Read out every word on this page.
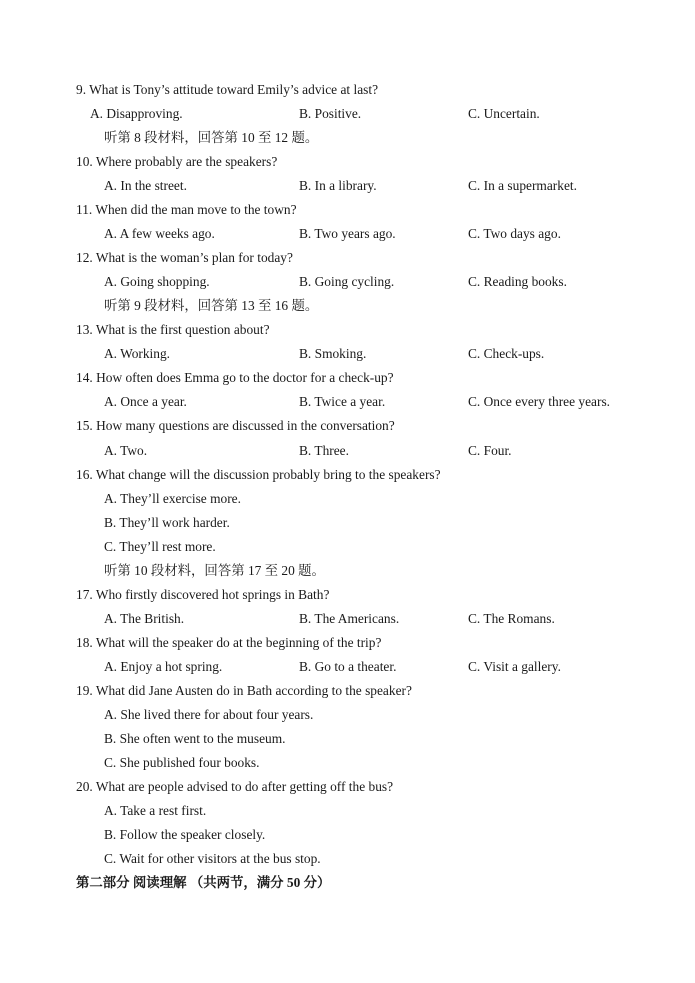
9. What is Tony’s attitude toward Emily’s advice at last?
A. Disapproving.	B. Positive.	C. Uncertain.
听第 8 段材料，回答第 10 至 12 题。
10. Where probably are the speakers?
A. In the street.	B. In a library.	C. In a supermarket.
11. When did the man move to the town?
A. A few weeks ago.	B. Two years ago.	C. Two days ago.
12. What is the woman’s plan for today?
A. Going shopping.	B. Going cycling.	C. Reading books.
听第 9 段材料，回答第 13 至 16 题。
13. What is the first question about?
A. Working.	B. Smoking.	C. Check-ups.
14. How often does Emma go to the doctor for a check-up?
A. Once a year.	B. Twice a year.	C. Once every three years.
15. How many questions are discussed in the conversation?
A. Two.	B. Three.	C. Four.
16. What change will the discussion probably bring to the speakers?
A. They’ll exercise more.
B. They’ll work harder.
C. They’ll rest more.
听第 10 段材料，回答第 17 至 20 题。
17. Who firstly discovered hot springs in Bath?
A. The British.	B. The Americans.	C. The Romans.
18. What will the speaker do at the beginning of the trip?
A. Enjoy a hot spring.	B. Go to a theater.	C. Visit a gallery.
19. What did Jane Austen do in Bath according to the speaker?
A. She lived there for about four years.
B. She often went to the museum.
C. She published four books.
20. What are people advised to do after getting off the bus?
A. Take a rest first.
B. Follow the speaker closely.
C. Wait for other visitors at the bus stop.
第二部分 阅读理解 （共两节，满分 50 分）
